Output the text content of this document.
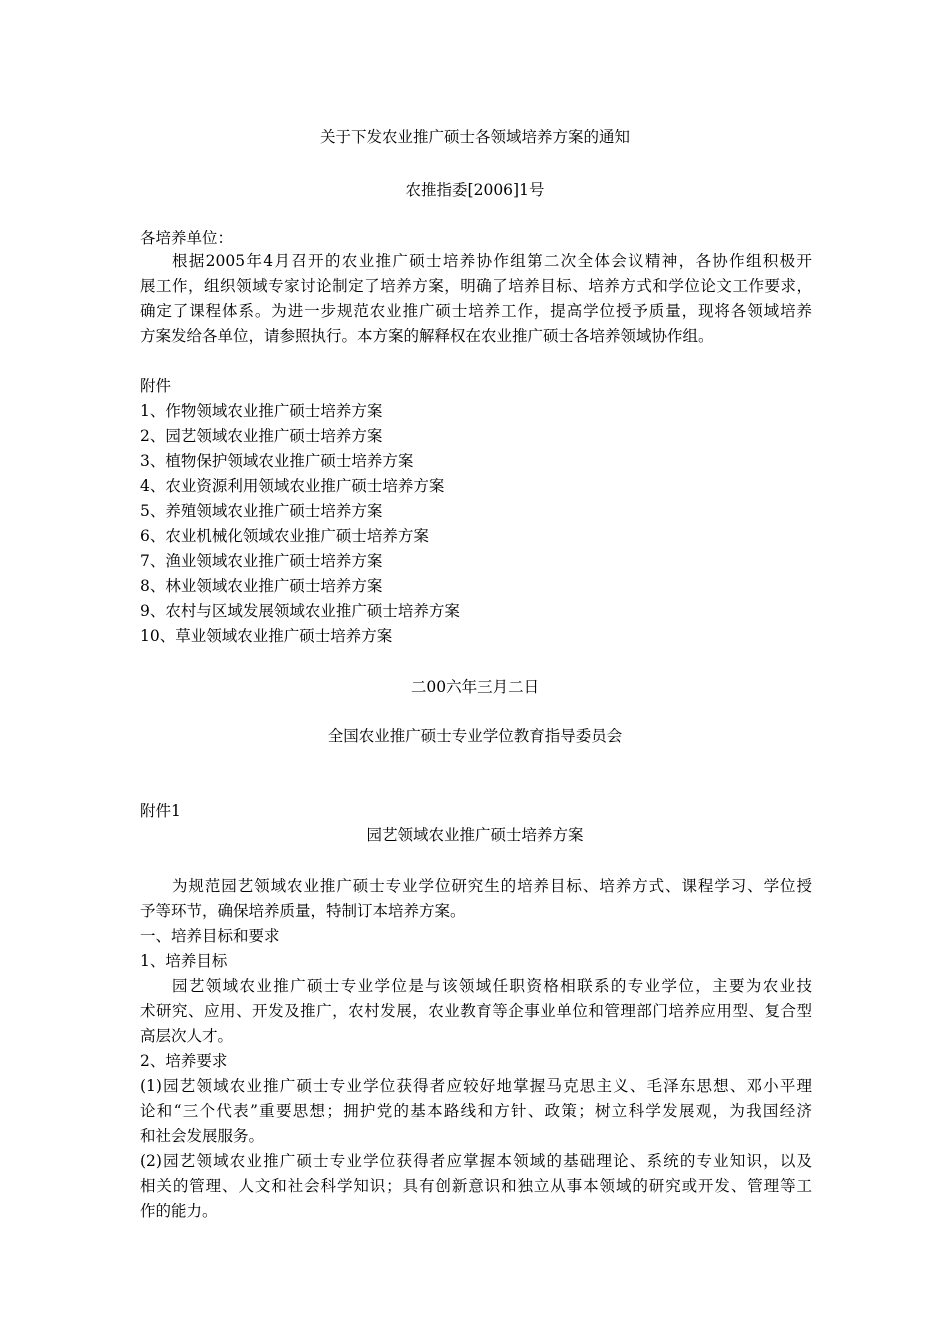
关于下发农业推广硕士各领域培养方案的通知
农推指委[2006]1号
各培养单位：
根据2005年4月召开的农业推广硕士培养协作组第二次全体会议精神，各协作组积极开
展工作，组织领域专家讨论制定了培养方案，明确了培养目标、培养方式和学位论文工作要求，
确定了课程体系。为进一步规范农业推广硕士培养工作，提高学位授予质量，现将各领域培养
方案发给各单位，请参照执行。本方案的解释权在农业推广硕士各培养领域协作组。
附件
1、作物领域农业推广硕士培养方案
2、园艺领域农业推广硕士培养方案
3、植物保护领域农业推广硕士培养方案
4、农业资源利用领域农业推广硕士培养方案
5、养殖领域农业推广硕士培养方案
6、农业机械化领域农业推广硕士培养方案
7、渔业领域农业推广硕士培养方案
8、林业领域农业推广硕士培养方案
9、农村与区域发展领域农业推广硕士培养方案
10、草业领域农业推广硕士培养方案
二00六年三月二日
全国农业推广硕士专业学位教育指导委员会
附件1
园艺领域农业推广硕士培养方案
为规范园艺领域农业推广硕士专业学位研究生的培养目标、培养方式、课程学习、学位授
予等环节，确保培养质量，特制订本培养方案。
一、培养目标和要求
1、培养目标
园艺领域农业推广硕士专业学位是与该领域任职资格相联系的专业学位，主要为农业技
术研究、应用、开发及推广，农村发展，农业教育等企事业单位和管理部门培养应用型、复合型
高层次人才。
2、培养要求
(1)园艺领域农业推广硕士专业学位获得者应较好地掌握马克思主义、毛泽东思想、邓小平理
论和“三个代表”重要思想；拥护党的基本路线和方针、政策；树立科学发展观，为我国经济
和社会发展服务。
(2)园艺领域农业推广硕士专业学位获得者应掌握本领域的基础理论、系统的专业知识，以及
相关的管理、人文和社会科学知识；具有创新意识和独立从事本领域的研究或开发、管理等工
作的能力。
